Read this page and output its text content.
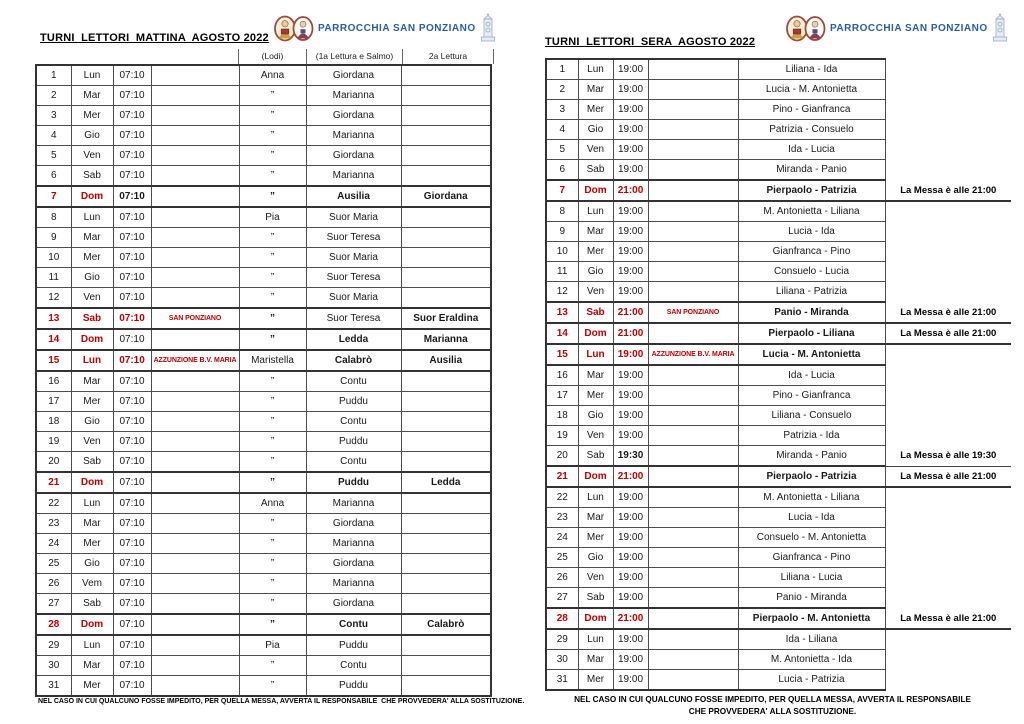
TURNI  LETTORI  MATTINA  AGOSTO 2022
PARROCCHIA SAN PONZIANO
(Lodi)	(1a Lettura e Salmo)	2a Lettura
1	Lun	07:10		Anna	Giordana	
2	Mar	07:10		”	Marianna	
3	Mer	07:10		”	Giordana	
4	Gio	07:10		”	Marianna	
5	Ven	07:10		”	Giordana	
6	Sab	07:10		”	Marianna	
7	Dom	07:10		”	Ausilia	Giordana
8	Lun	07:10		Pia	Suor Maria	
9	Mar	07:10		”	Suor Teresa	
10	Mer	07:10		”	Suor Maria	
11	Gio	07:10		”	Suor Teresa	
12	Ven	07:10		”	Suor Maria	
13	Sab	07:10	SAN PONZIANO	”	Suor Teresa	Suor Eraldina
14	Dom	07:10		”	Ledda	Marianna
15	Lun	07:10	AZZUNZIONE B.V. MARIA	Maristella	Calabrò	Ausilia
16	Mar	07:10		”	Contu	
17	Mer	07:10		”	Puddu	
18	Gio	07:10		”	Contu	
19	Ven	07:10		”	Puddu	
20	Sab	07:10		”	Contu	
21	Dom	07:10		”	Puddu	Ledda
22	Lun	07:10		Anna	Marianna	
23	Mar	07:10		”	Giordana	
24	Mer	07:10		”	Marianna	
25	Gio	07:10		”	Giordana	
26	Vem	07:10		”	Marianna	
27	Sab	07:10		”	Giordana	
28	Dom	07:10		”	Contu	Calabrò
29	Lun	07:10		Pia	Puddu	
30	Mar	07:10		”	Contu	
31	Mer	07:10		”	Puddu	
NEL CASO IN CUI QUALCUNO FOSSE IMPEDITO, PER QUELLA MESSA, AVVERTA IL RESPONSABILE  CHE PROVVEDERA' ALLA SOSTITUZIONE.
TURNI  LETTORI  SERA  AGOSTO 2022
PARROCCHIA SAN PONZIANO
1	Lun	19:00		Liliana - Ida	
2	Mar	19:00		Lucia - M. Antonietta	
3	Mer	19:00		Pino - Gianfranca	
4	Gio	19:00		Patrizia - Consuelo	
5	Ven	19:00		Ida - Lucia	
6	Sab	19:00		Miranda - Panio	
7	Dom	21:00		Pierpaolo - Patrizia	La Messa è alle 21:00
8	Lun	19:00		M. Antonietta - Liliana	
9	Mar	19:00		Lucia - Ida	
10	Mer	19:00		Gianfranca - Pino	
11	Gio	19:00		Consuelo - Lucia	
12	Ven	19:00		Liliana - Patrizia	
13	Sab	21:00	SAN PONZIANO	Panio - Miranda	La Messa è alle 21:00
14	Dom	21:00		Pierpaolo - Liliana	La Messa è alle 21:00
15	Lun	19:00	AZZUNZIONE B.V. MARIA	Lucia - M. Antonietta	
16	Mar	19:00		Ida - Lucia	
17	Mer	19:00		Pino - Gianfranca	
18	Gio	19:00		Liliana - Consuelo	
19	Ven	19:00		Patrizia - Ida	
20	Sab	19:30		Miranda - Panio	La Messa è alle 19:30
21	Dom	21:00		Pierpaolo - Patrizia	La Messa è alle 21:00
22	Lun	19:00		M. Antonietta - Liliana	
23	Mar	19:00		Lucia - Ida	
24	Mer	19:00		Consuelo - M. Antonietta	
25	Gio	19:00		Gianfranca - Pino	
26	Ven	19:00		Liliana - Lucia	
27	Sab	19:00		Panio - Miranda	
28	Dom	21:00		Pierpaolo - M. Antonietta	La Messa è alle 21:00
29	Lun	19:00		Ida - Liliana	
30	Mar	19:00		M. Antonietta - Ida	
31	Mer	19:00		Lucia - Patrizia	
NEL CASO IN CUI QUALCUNO FOSSE IMPEDITO, PER QUELLA MESSA, AVVERTA IL RESPONSABILE
CHE PROVVEDERA' ALLA SOSTITUZIONE.
